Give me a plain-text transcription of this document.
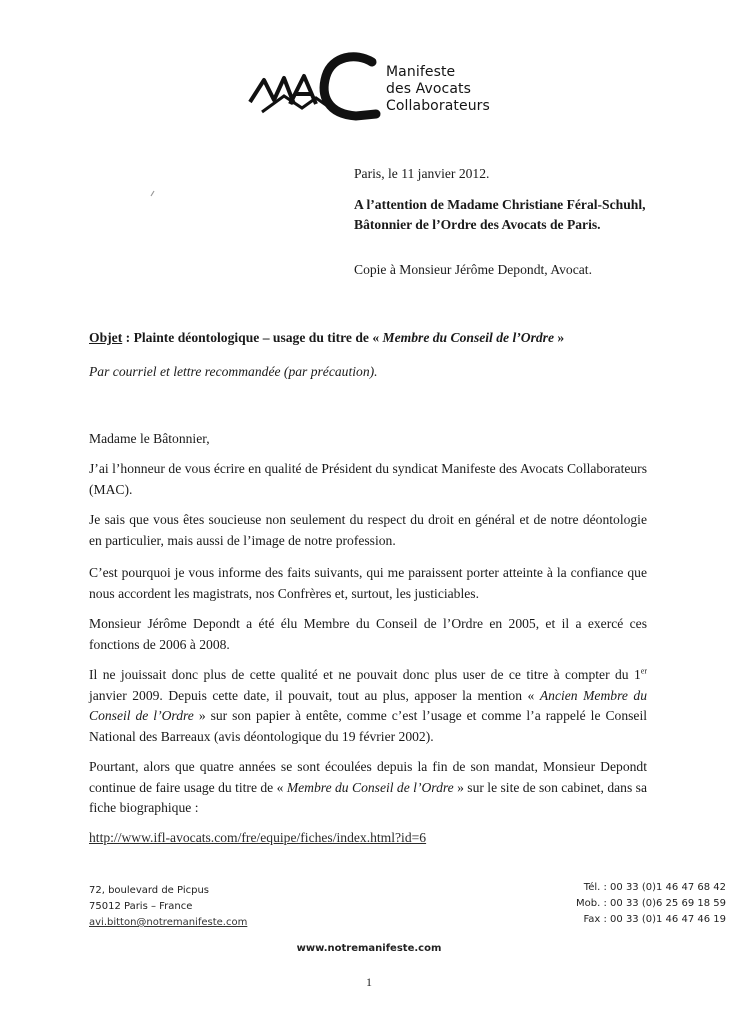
Manifeste
des Avocats
Collaborateurs
Paris, le 11 janvier 2012.
A l’attention de Madame Christiane Féral-Schuhl, Bâtonnier de l’Ordre des Avocats de Paris.
Copie à Monsieur Jérôme Depondt, Avocat.
Objet : Plainte déontologique – usage du titre de « Membre du Conseil de l’Ordre »
Par courriel et lettre recommandée (par précaution).

Madame le Bâtonnier,

J’ai l’honneur de vous écrire en qualité de Président du syndicat Manifeste des Avocats Collaborateurs (MAC).

Je sais que vous êtes soucieuse non seulement du respect du droit en général et de notre déontologie en particulier, mais aussi de l’image de notre profession.

C’est pourquoi je vous informe des faits suivants, qui me paraissent porter atteinte à la confiance que nous accordent les magistrats, nos Confrères et, surtout, les justiciables.

Monsieur Jérôme Depondt a été élu Membre du Conseil de l’Ordre en 2005, et il a exercé ces fonctions de 2006 à 2008.

Il ne jouissait donc plus de cette qualité et ne pouvait donc plus user de ce titre à compter du 1er janvier 2009. Depuis cette date, il pouvait, tout au plus, apposer la mention « Ancien Membre du Conseil de l’Ordre » sur son papier à entête, comme c’est l’usage et comme l’a rappelé le Conseil National des Barreaux (avis déontologique du 19 février 2002).

Pourtant, alors que quatre années se sont écoulées depuis la fin de son mandat, Monsieur Depondt continue de faire usage du titre de « Membre du Conseil de l’Ordre » sur le site de son cabinet, dans sa fiche biographique :

http://www.ifl-avocats.com/fre/equipe/fiches/index.html?id=6
72, boulevard de Picpus
75012 Paris – France
avi.bitton@notremanifeste.com
Tél. : 00 33 (0)1 46 47 68 42
Mob. : 00 33 (0)6 25 69 18 59
Fax : 00 33 (0)1 46 47 46 19
www.notremanifeste.com
1
